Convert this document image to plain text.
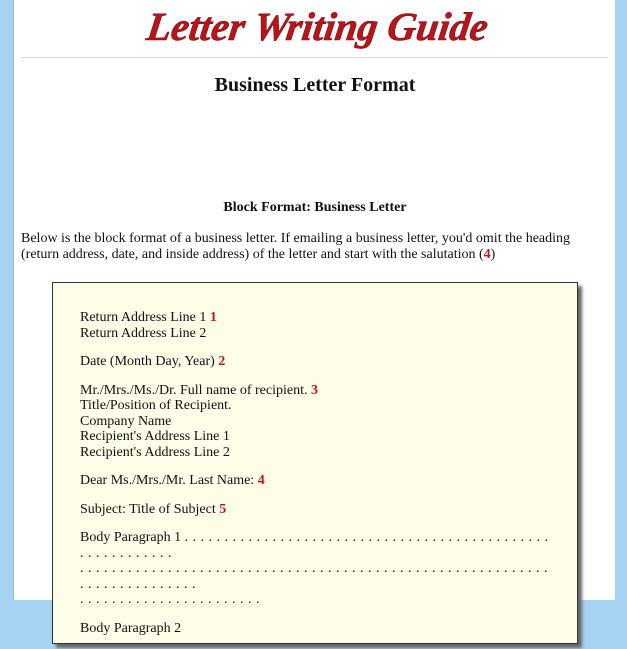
Letter Writing Guide
Business Letter Format
Block Format: Business Letter

Below is the block format of a business letter. If emailing a business letter, you'd omit the heading (return address, date, and inside address) of the letter and start with the salutation (4)

Return Address Line 1 1
Return Address Line 2
Date (Month Day, Year) 2
Mr./Mrs./Ms./Dr. Full name of recipient. 3
Title/Position of Recipient.
Company Name
Recipient's Address Line 1
Recipient's Address Line 2
Dear Ms./Mrs./Mr. Last Name: 4
Subject: Title of Subject 5
Body Paragraph 1 . . . . . . . . . . . . . . . . . . . . . . . . . . . . . . . . . . . . . . . . . . . . . . . . . . . . . . . . . .
. . . . . . . . . . . . . . . . . . . . . . . . . . . . . . . . . . . . . . . . . . . . . . . . . . . . . . . . . . . . . . . . . . . . . . . . . .
. . . . . . . . . . . . . . . . . . . . . . .
Body Paragraph 2
